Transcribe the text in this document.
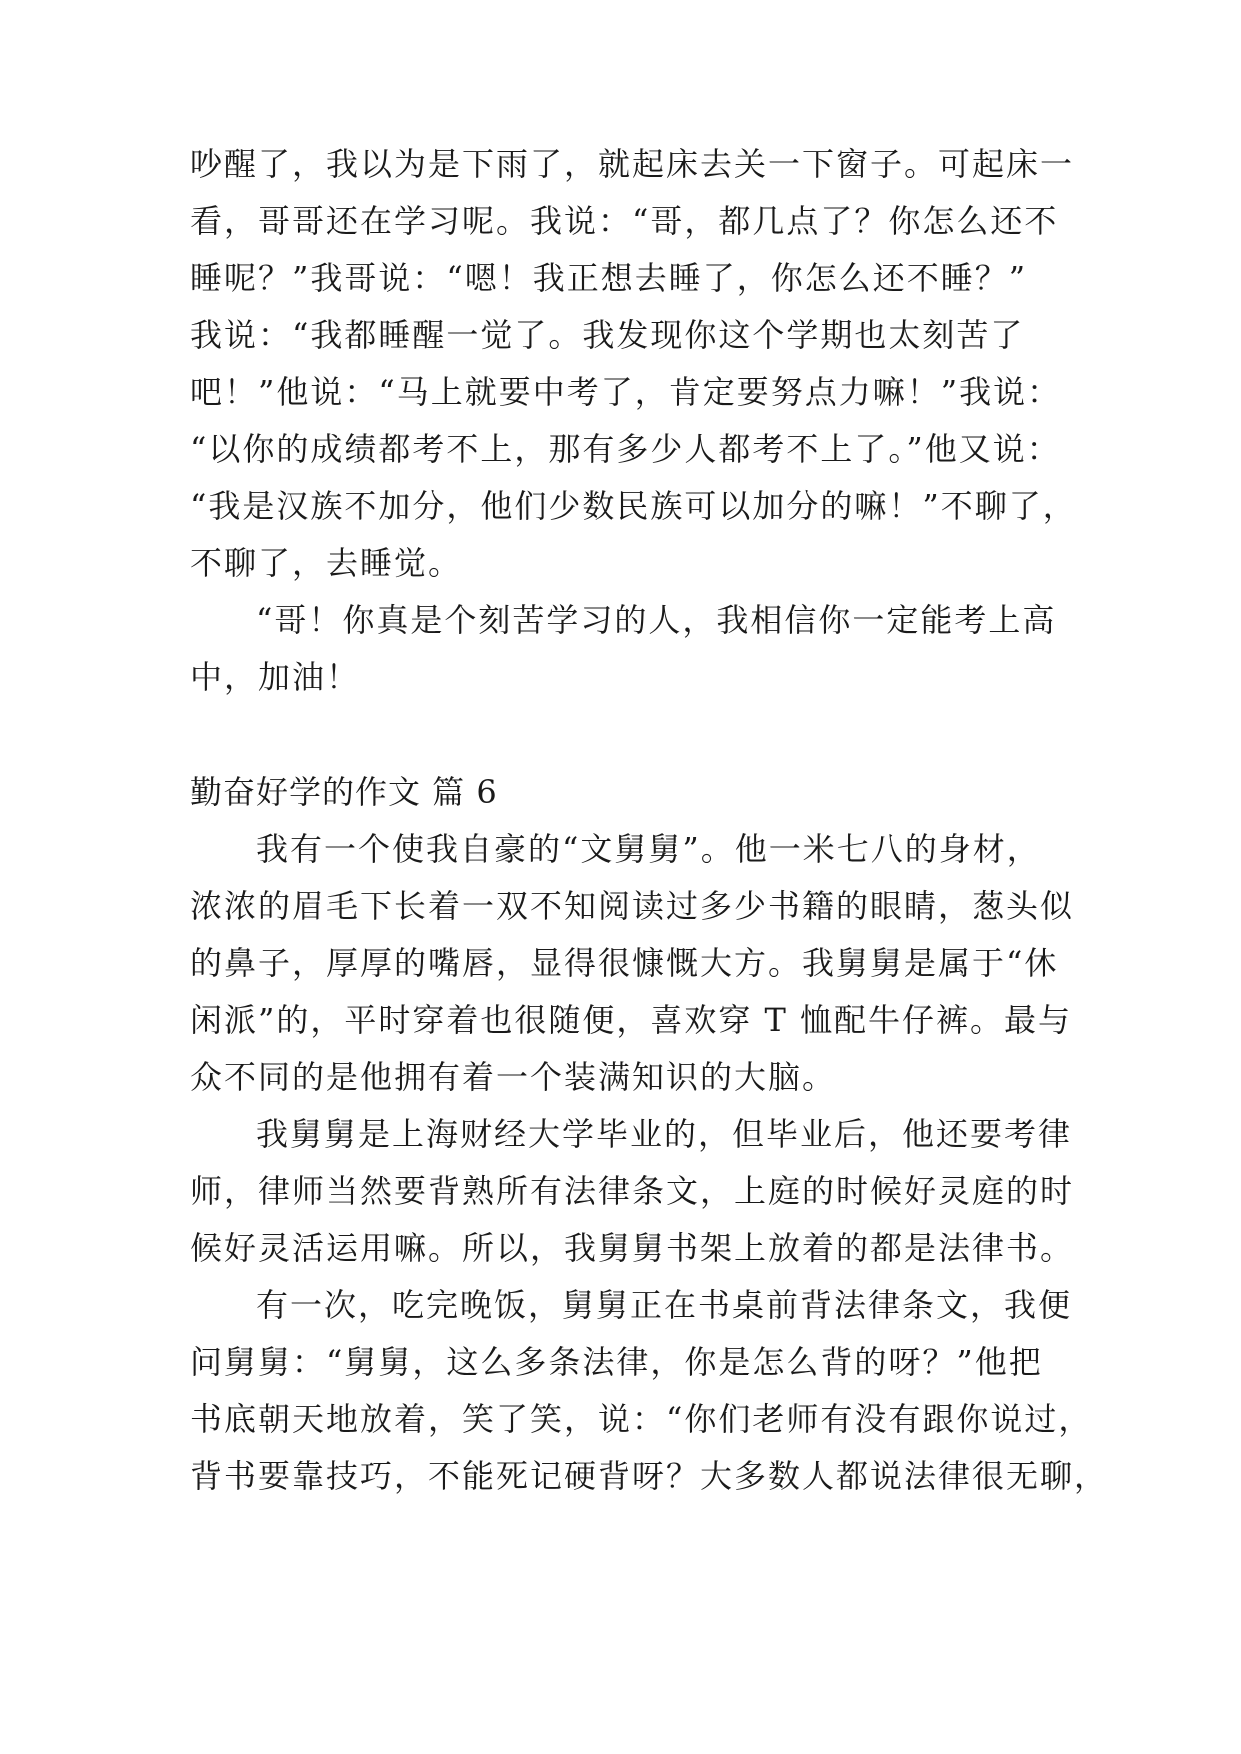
吵醒了，我以为是下雨了，就起床去关一下窗子。可起床一
看，哥哥还在学习呢。我说：“哥，都几点了？你怎么还不
睡呢？”我哥说：“嗯！我正想去睡了，你怎么还不睡？”
我说：“我都睡醒一觉了。我发现你这个学期也太刻苦了
吧！”他说：“马上就要中考了，肯定要努点力嘛！”我说：
“以你的成绩都考不上，那有多少人都考不上了。”他又说：
“我是汉族不加分，他们少数民族可以加分的嘛！”不聊了，
不聊了，去睡觉。
“哥！你真是个刻苦学习的人，我相信你一定能考上高
中，加油！
勤奋好学的作文 篇 6
我有一个使我自豪的“文舅舅”。他一米七八的身材，
浓浓的眉毛下长着一双不知阅读过多少书籍的眼睛，葱头似
的鼻子，厚厚的嘴唇，显得很慷慨大方。我舅舅是属于“休
闲派”的，平时穿着也很随便，喜欢穿 T 恤配牛仔裤。最与
众不同的是他拥有着一个装满知识的大脑。
我舅舅是上海财经大学毕业的，但毕业后，他还要考律
师，律师当然要背熟所有法律条文，上庭的时候好灵庭的时
候好灵活运用嘛。所以，我舅舅书架上放着的都是法律书。
有一次，吃完晚饭，舅舅正在书桌前背法律条文，我便
问舅舅：“舅舅，这么多条法律，你是怎么背的呀？”他把
书底朝天地放着，笑了笑，说：“你们老师有没有跟你说过，
背书要靠技巧，不能死记硬背呀？大多数人都说法律很无聊，
